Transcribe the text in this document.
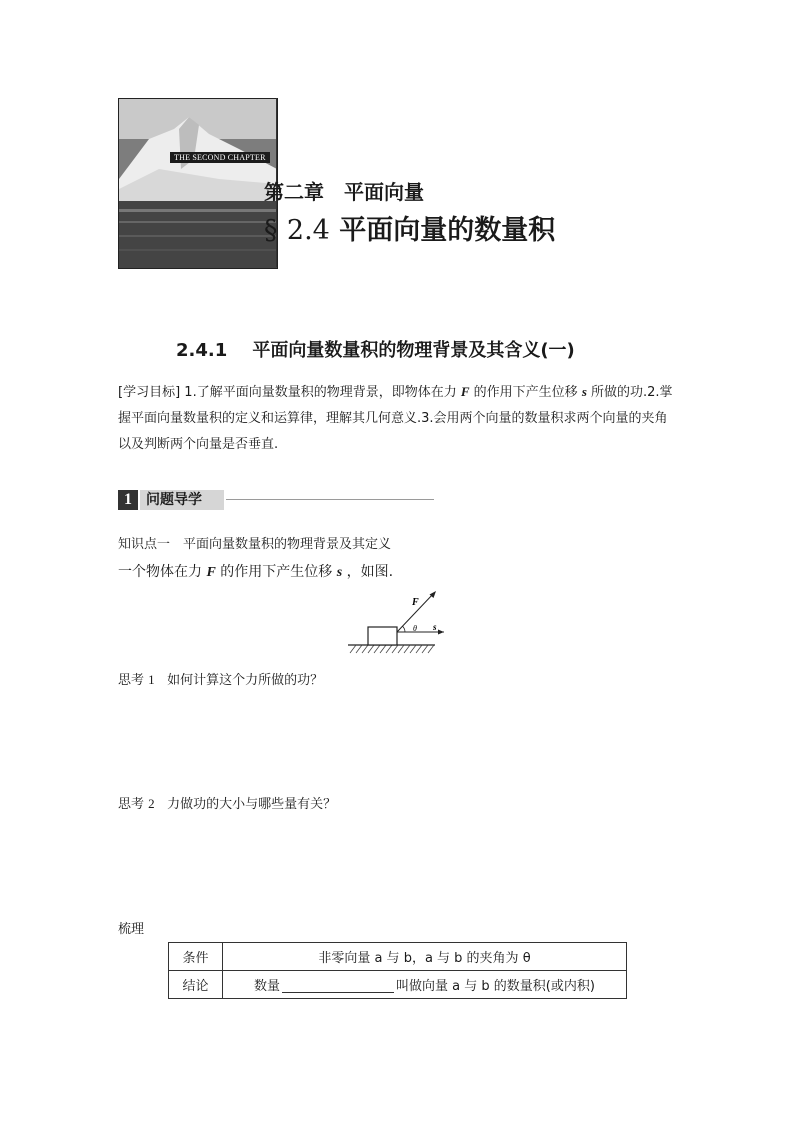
THE SECOND CHAPTER
第二章　平面向量
§ 2.4 平面向量的数量积
2.4.1 平面向量数量积的物理背景及其含义(一)
[学习目标] 1.了解平面向量数量积的物理背景，即物体在力 F 的作用下产生位移 s 所做的功.2.掌握平面向量数量积的定义和运算律，理解其几何意义.3.会用两个向量的数量积求两个向量的夹角以及判断两个向量是否垂直.
1	问题导学
知识点一　平面向量数量积的物理背景及其定义
一个物体在力 F 的作用下产生位移 s ，如图.
F
θ s
思考 1 如何计算这个力所做的功？
思考 2 力做功的大小与哪些量有关？
梳理
条件	非零向量 a 与 b，a 与 b 的夹角为 θ
结论	数量 叫做向量 a 与 b 的数量积(或内积)
